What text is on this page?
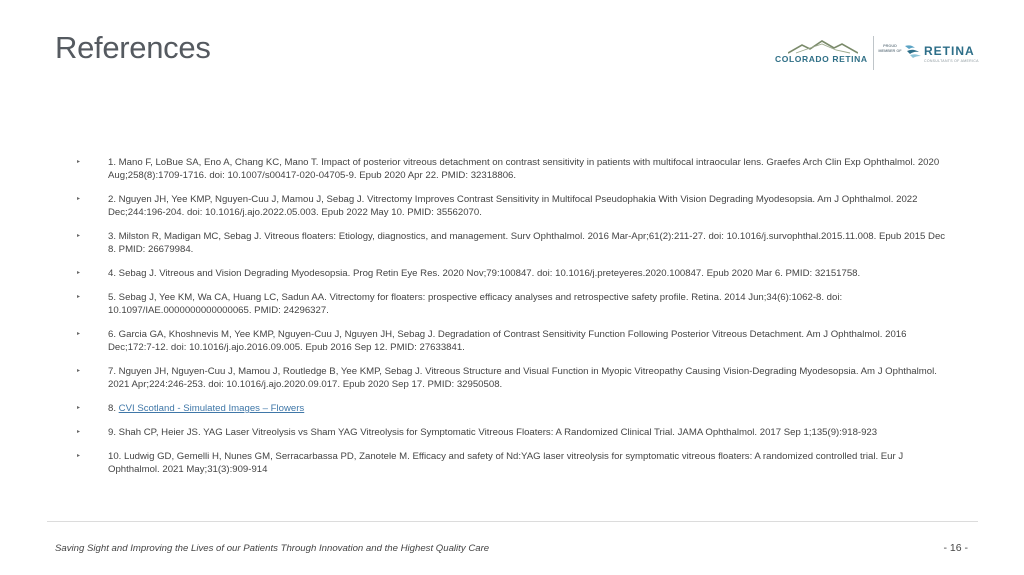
References	COLORADO RETINA
PROUD MEMBER OF RETINA
CONSULTANTS OF AMERICA
▸	1. Mano F, LoBue SA, Eno A, Chang KC, Mano T. Impact of posterior vitreous detachment on contrast sensitivity in patients with multifocal intraocular lens. Graefes Arch Clin Exp Ophthalmol. 2020 Aug;258(8):1709-1716. doi: 10.1007/s00417-020-04705-9. Epub 2020 Apr 22. PMID: 32318806.
▸	2. Nguyen JH, Yee KMP, Nguyen-Cuu J, Mamou J, Sebag J. Vitrectomy Improves Contrast Sensitivity in Multifocal Pseudophakia With Vision Degrading Myodesopsia. Am J Ophthalmol. 2022 Dec;244:196-204. doi: 10.1016/j.ajo.2022.05.003. Epub 2022 May 10. PMID: 35562070.
▸	3. Milston R, Madigan MC, Sebag J. Vitreous floaters: Etiology, diagnostics, and management. Surv Ophthalmol. 2016 Mar-Apr;61(2):211-27. doi: 10.1016/j.survophthal.2015.11.008. Epub 2015 Dec 8. PMID: 26679984.
▸	4. Sebag J. Vitreous and Vision Degrading Myodesopsia. Prog Retin Eye Res. 2020 Nov;79:100847. doi: 10.1016/j.preteyeres.2020.100847. Epub 2020 Mar 6. PMID: 32151758.
▸	5. Sebag J, Yee KM, Wa CA, Huang LC, Sadun AA. Vitrectomy for floaters: prospective efficacy analyses and retrospective safety profile. Retina. 2014 Jun;34(6):1062-8. doi: 10.1097/IAE.0000000000000065. PMID: 24296327.
▸	6. Garcia GA, Khoshnevis M, Yee KMP, Nguyen-Cuu J, Nguyen JH, Sebag J. Degradation of Contrast Sensitivity Function Following Posterior Vitreous Detachment. Am J Ophthalmol. 2016 Dec;172:7-12. doi: 10.1016/j.ajo.2016.09.005. Epub 2016 Sep 12. PMID: 27633841.
▸	7. Nguyen JH, Nguyen-Cuu J, Mamou J, Routledge B, Yee KMP, Sebag J. Vitreous Structure and Visual Function in Myopic Vitreopathy Causing Vision-Degrading Myodesopsia. Am J Ophthalmol. 2021 Apr;224:246-253. doi: 10.1016/j.ajo.2020.09.017. Epub 2020 Sep 17. PMID: 32950508.
▸	8. CVI Scotland - Simulated Images – Flowers
▸	9. Shah CP, Heier JS. YAG Laser Vitreolysis vs Sham YAG Vitreolysis for Symptomatic Vitreous Floaters: A Randomized Clinical Trial. JAMA Ophthalmol. 2017 Sep 1;135(9):918-923
▸	10. Ludwig GD, Gemelli H, Nunes GM, Serracarbassa PD, Zanotele M. Efficacy and safety of Nd:YAG laser vitreolysis for symptomatic vitreous floaters: A randomized controlled trial. Eur J Ophthalmol. 2021 May;31(3):909-914
Saving Sight and Improving the Lives of our Patients Through Innovation and the Highest Quality Care	- 16 -
